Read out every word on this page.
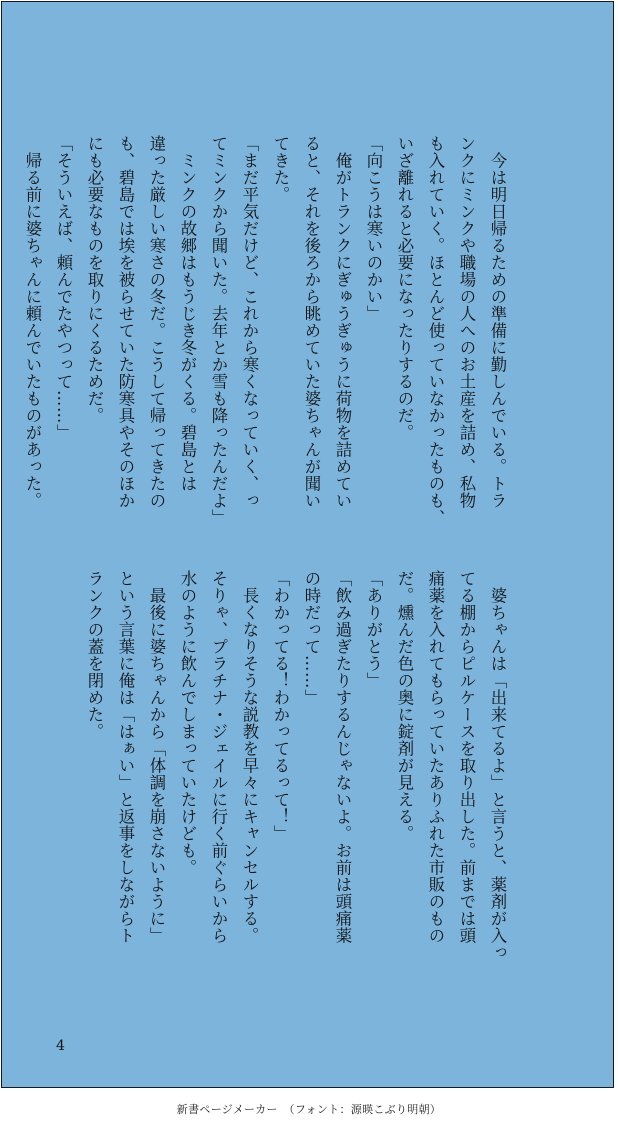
　今は明日帰るための準備に勤しんでいる。トラ
ンクにミンクや職場の人へのお土産を詰め、私物
も入れていく。ほとんど使っていなかったものも、
いざ離れると必要になったりするのだ。
「向こうは寒いのかい」
　俺がトランクにぎゅうぎゅうに荷物を詰めてい
ると、それを後ろから眺めていた婆ちゃんが聞い
てきた。
「まだ平気だけど、これから寒くなっていく、っ
てミンクから聞いた。去年とか雪も降ったんだよ」
　ミンクの故郷はもうじき冬がくる。碧島とは
違った厳しい寒さの冬だ。こうして帰ってきたの
も、碧島では埃を被らせていた防寒具やそのほか
にも必要なものを取りにくるためだ。
「そういえば、頼んでたやつって……」
　帰る前に婆ちゃんに頼んでいたものがあった。

　婆ちゃんは「出来てるよ」と言うと、薬剤が入っ
てる棚からピルケースを取り出した。前までは頭
痛薬を入れてもらっていたありふれた市販のもの
だ。燻んだ色の奥に錠剤が見える。
「ありがとう」
「飲み過ぎたりするんじゃないよ。お前は頭痛薬
の時だって……」
「わかってる！わかってるって！」
　長くなりそうな説教を早々にキャンセルする。
そりゃ、プラチナ・ジェイルに行く前ぐらいから
水のように飲んでしまっていたけども。
　最後に婆ちゃんから「体調を崩さないように」
という言葉に俺は「はぁい」と返事をしながらト
ランクの蓋を閉めた。

4
新書ページメーカー　（フォント：源暎こぶり明朝）
